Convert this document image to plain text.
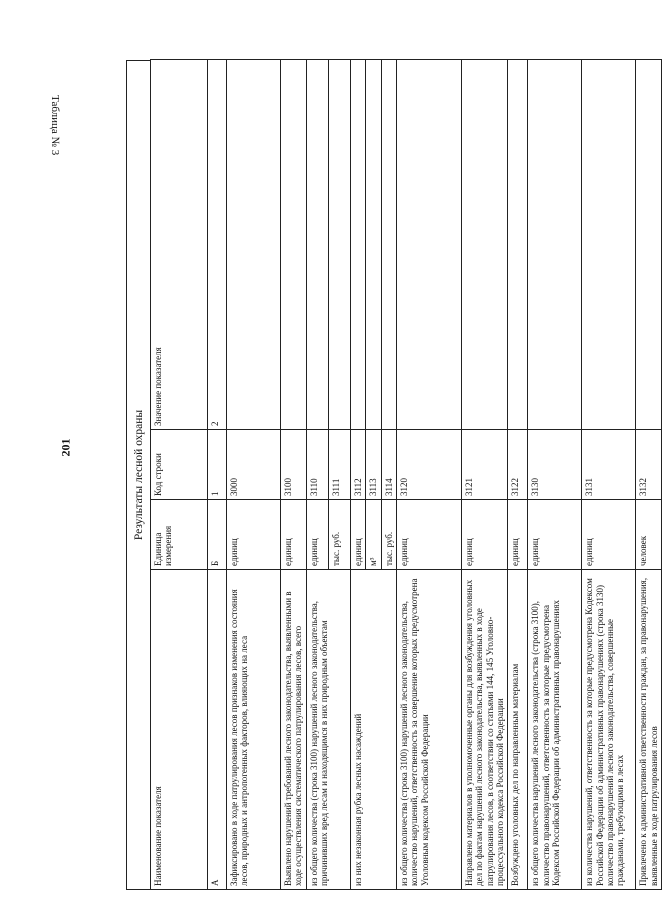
201
Таблица № 3
Результаты лесной охраны
Наименование показателя	Единица измерения	Код строки	Значение показателя
А	Б	1	2
Зафиксировано в ходе патрулирования лесов признаков изменения состояния лесов, природных и антропогенных факторов, влияющих на леса	единиц	3000	
Выявлено нарушений требований лесного законодательства, выявленными в ходе осуществления систематического патрулирования лесов, всего	единиц	3100	
из общего количества (строка 3100) нарушений лесного законодательства, причинивших вред лесам и находящимся в них природным объектам	единиц	3110	
	тыс. руб.	3111	
из них незаконная рубка лесных насаждений	единиц	3112	
	м³	3113	
	тыс. руб.	3114	
из общего количества (строка 3100) нарушений лесного законодательства, количество нарушений, ответственность за совершение которых предусмотрена Уголовным кодексом Российской Федерации	единиц	3120	
Направлено материалов в уполномоченные органы для возбуждения уголовных дел по фактам нарушений лесного законодательства, выявленных в ходе патрулирования лесов, в соответствии со статьями 144, 145 Уголовно-процессуального кодекса Российской Федерации	единиц	3121	
Возбуждено уголовных дел по направленным материалам	единиц	3122	
из общего количества нарушений лесного законодательства (строка 3100), количество правонарушений, ответственность за которые предусмотрена Кодексом Российской Федерации об административных правонарушениях	единиц	3130	
из количества нарушений, ответственность за которые предусмотрена Кодексом Российской Федерации об административных правонарушениях (строка 3130) количество правонарушений лесного законодательства, совершенные гражданами, требующими в лесах	единиц	3131	
Привлечено к административной ответственности граждан, за правонарушения, выявленные в ходе патрулирования лесов	человек	3132	
